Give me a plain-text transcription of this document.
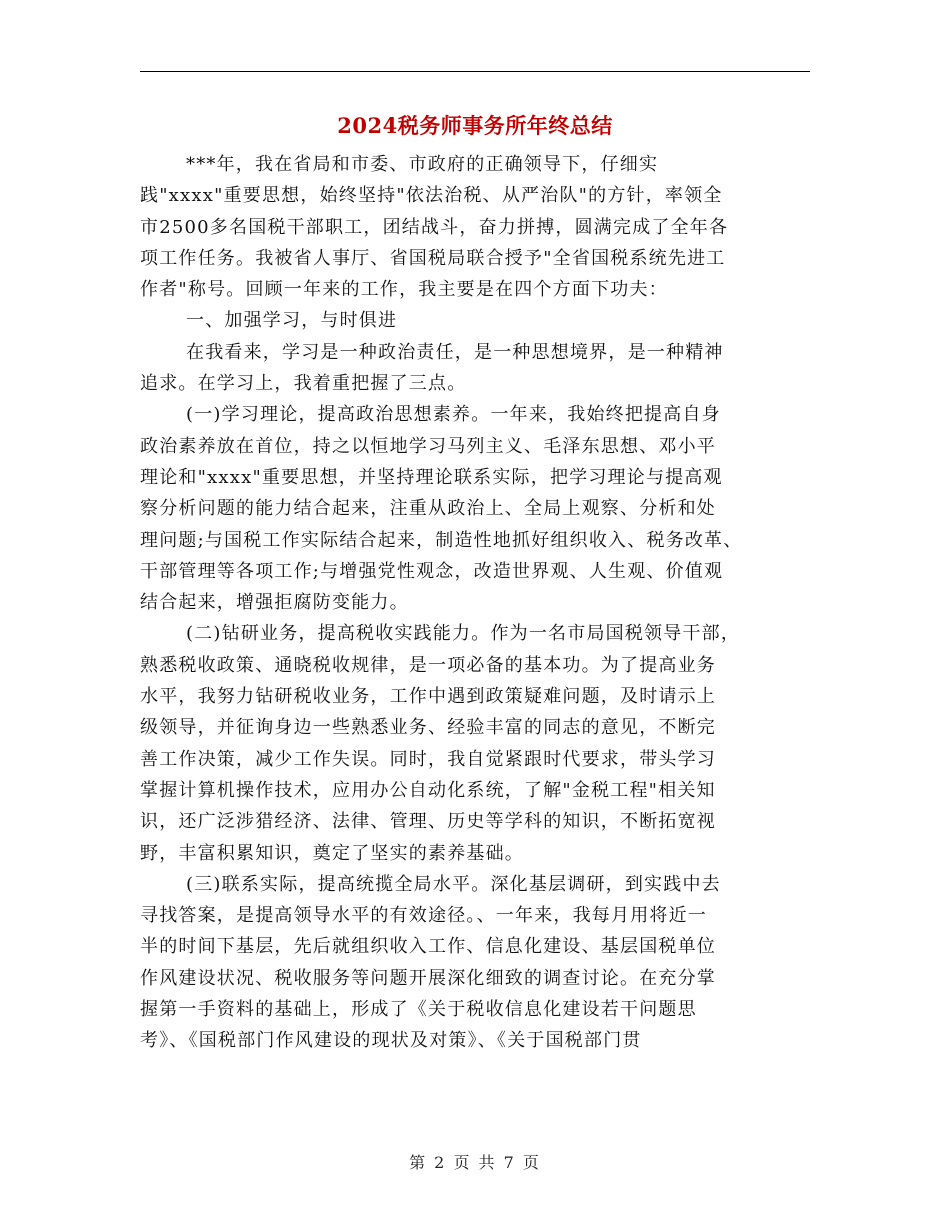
2024税务师事务所年终总结
***年，我在省局和市委、市政府的正确领导下，仔细实
践"xxxx"重要思想，始终坚持"依法治税、从严治队"的方针，率领全
市2500多名国税干部职工，团结战斗，奋力拼搏，圆满完成了全年各
项工作任务。我被省人事厅、省国税局联合授予"全省国税系统先进工
作者"称号。回顾一年来的工作，我主要是在四个方面下功夫：
一、加强学习，与时俱进
在我看来，学习是一种政治责任，是一种思想境界，是一种精神
追求。在学习上，我着重把握了三点。
(一)学习理论，提高政治思想素养。一年来，我始终把提高自身
政治素养放在首位，持之以恒地学习马列主义、毛泽东思想、邓小平
理论和"xxxx"重要思想，并坚持理论联系实际，把学习理论与提高观
察分析问题的能力结合起来，注重从政治上、全局上观察、分析和处
理问题;与国税工作实际结合起来，制造性地抓好组织收入、税务改革、
干部管理等各项工作;与增强党性观念，改造世界观、人生观、价值观
结合起来，增强拒腐防变能力。
(二)钻研业务，提高税收实践能力。作为一名市局国税领导干部，
熟悉税收政策、通晓税收规律，是一项必备的基本功。为了提高业务
水平，我努力钻研税收业务，工作中遇到政策疑难问题，及时请示上
级领导，并征询身边一些熟悉业务、经验丰富的同志的意见，不断完
善工作决策，减少工作失误。同时，我自觉紧跟时代要求，带头学习
掌握计算机操作技术，应用办公自动化系统，了解"金税工程"相关知
识，还广泛涉猎经济、法律、管理、历史等学科的知识，不断拓宽视
野，丰富积累知识，奠定了坚实的素养基础。
(三)联系实际，提高统揽全局水平。深化基层调研，到实践中去
寻找答案，是提高领导水平的有效途径。、一年来，我每月用将近一
半的时间下基层，先后就组织收入工作、信息化建设、基层国税单位
作风建设状况、税收服务等问题开展深化细致的调查讨论。在充分掌
握第一手资料的基础上，形成了《关于税收信息化建设若干问题思
考》、《国税部门作风建设的现状及对策》、《关于国税部门贯
第 2 页 共 7 页
